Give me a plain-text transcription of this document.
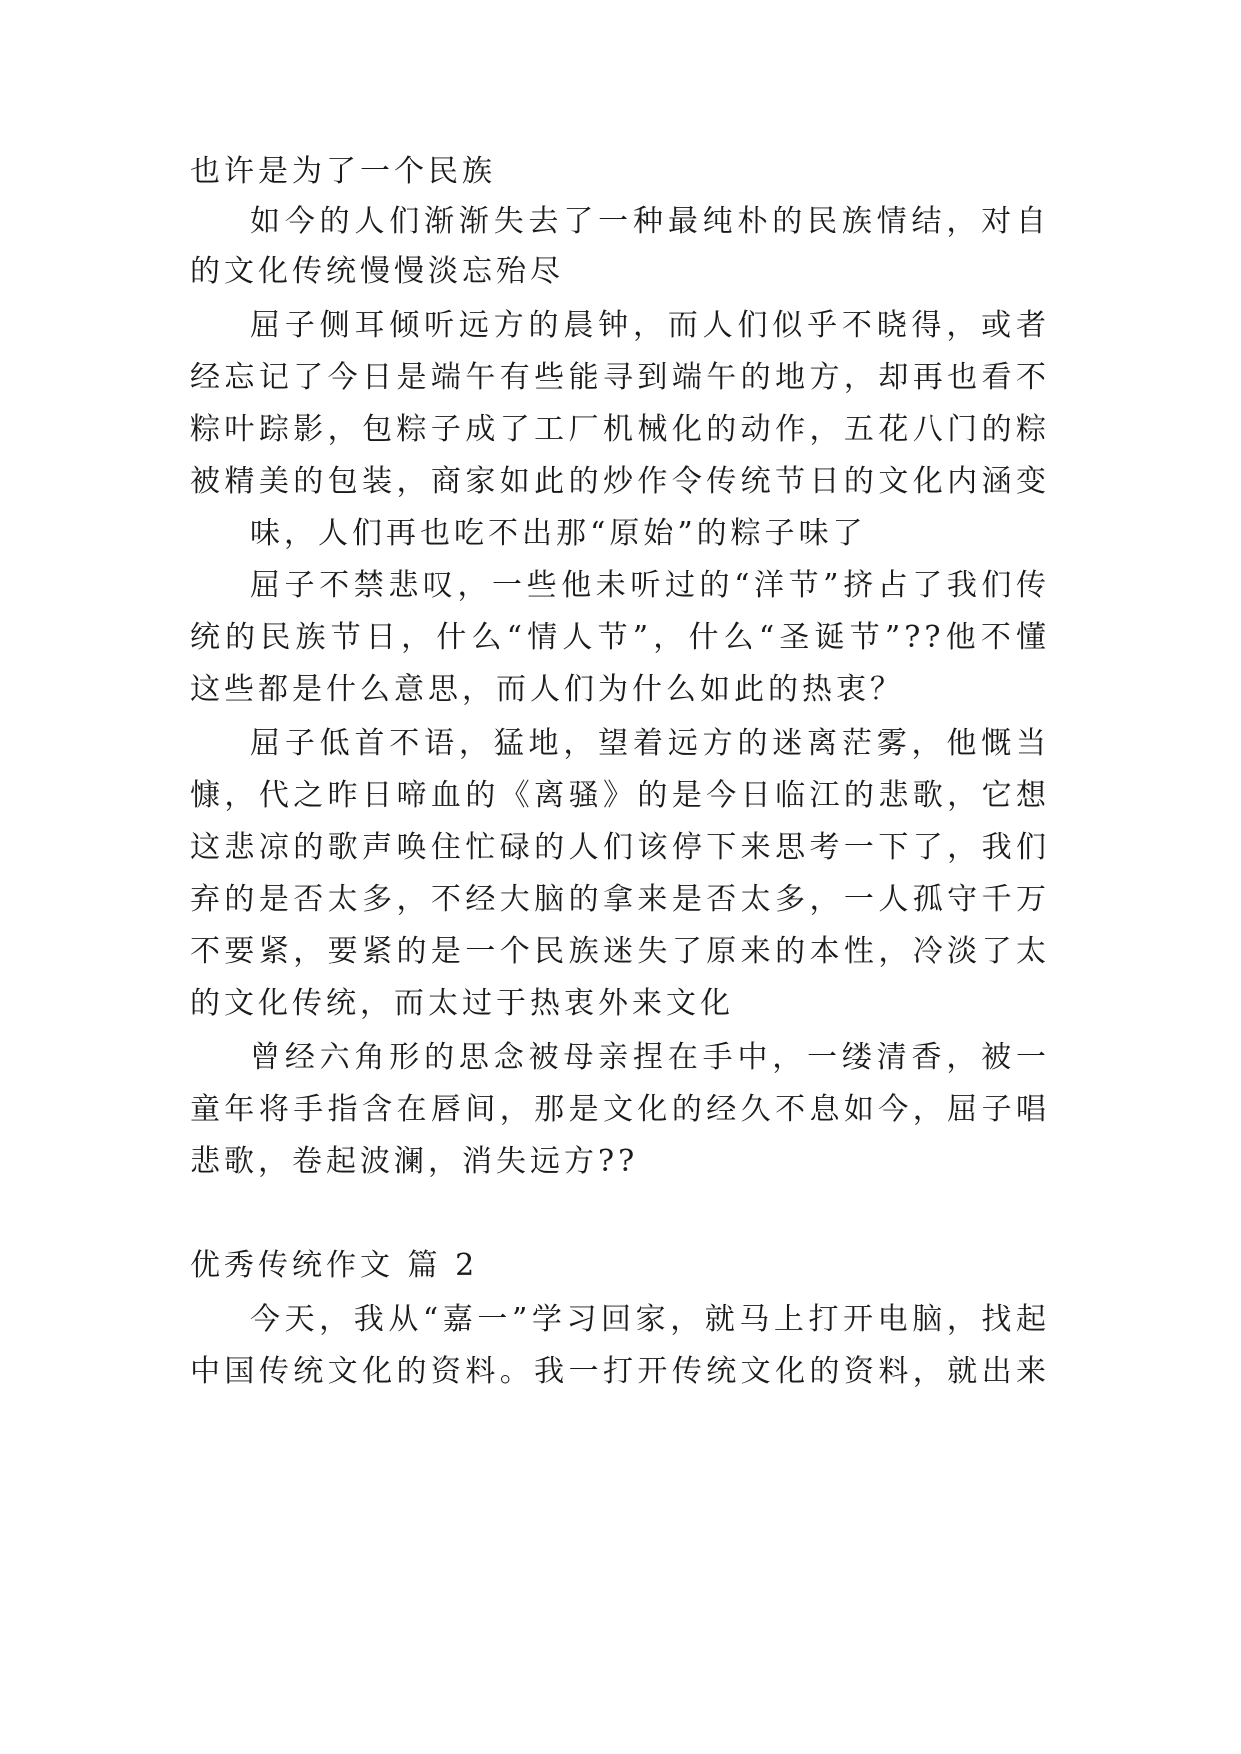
也许是为了一个民族
如今的人们渐渐失去了一种最纯朴的民族情结，对自
的文化传统慢慢淡忘殆尽
屈子侧耳倾听远方的晨钟，而人们似乎不晓得，或者
经忘记了今日是端午有些能寻到端午的地方，却再也看不
粽叶踪影，包粽子成了工厂机械化的动作，五花八门的粽
被精美的包装，商家如此的炒作令传统节日的文化内涵变
味，人们再也吃不出那“原始”的粽子味了
屈子不禁悲叹，一些他未听过的“洋节”挤占了我们传
统的民族节日，什么“情人节”，什么“圣诞节”??他不懂
这些都是什么意思，而人们为什么如此的热衷？
屈子低首不语，猛地，望着远方的迷离茫雾，他慨当
慷，代之昨日啼血的《离骚》的是今日临江的悲歌，它想
这悲凉的歌声唤住忙碌的人们该停下来思考一下了，我们
弃的是否太多，不经大脑的拿来是否太多，一人孤守千万
不要紧，要紧的是一个民族迷失了原来的本性，冷淡了太
的文化传统，而太过于热衷外来文化
曾经六角形的思念被母亲捏在手中，一缕清香，被一
童年将手指含在唇间，那是文化的经久不息如今，屈子唱
悲歌，卷起波澜，消失远方??
优秀传统作文 篇 2
今天，我从“嘉一”学习回家，就马上打开电脑，找起
中国传统文化的资料。我一打开传统文化的资料，就出来
